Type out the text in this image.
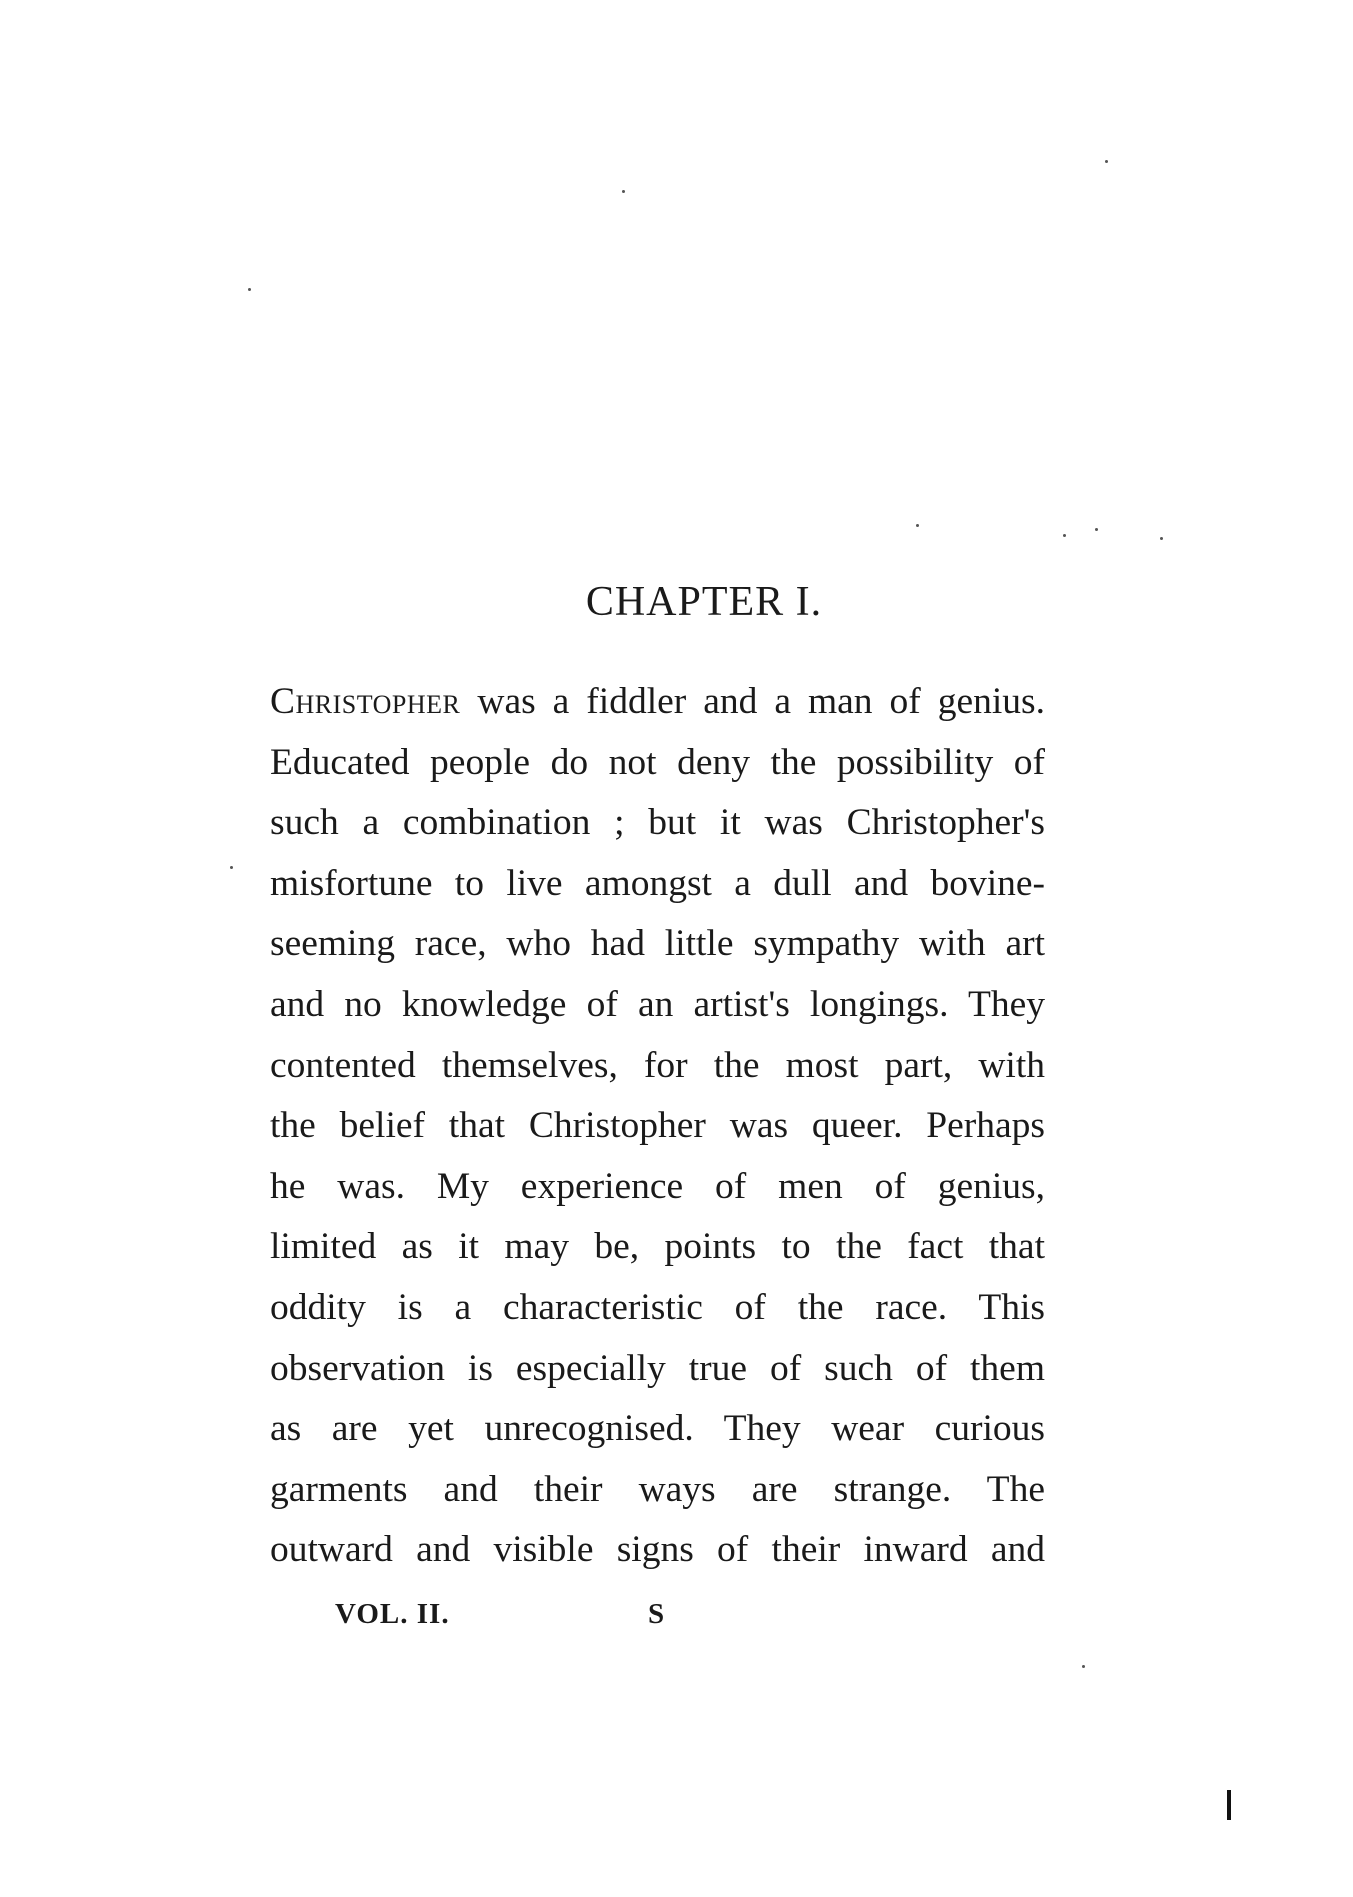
CHAPTER I.
Christopher was a fiddler and a man of genius.
Educated people do not deny the possibility of
such a combination ; but it was Christopher's
misfortune to live amongst a dull and bovine-
seeming race, who had little sympathy with art
and no knowledge of an artist's longings. They
contented themselves, for the most part, with
the belief that Christopher was queer. Perhaps
he was. My experience of men of genius,
limited as it may be, points to the fact that
oddity is a characteristic of the race. This
observation is especially true of such of them
as are yet unrecognised. They wear curious
garments and their ways are strange. The
outward and visible signs of their inward and
VOL. II.	S
